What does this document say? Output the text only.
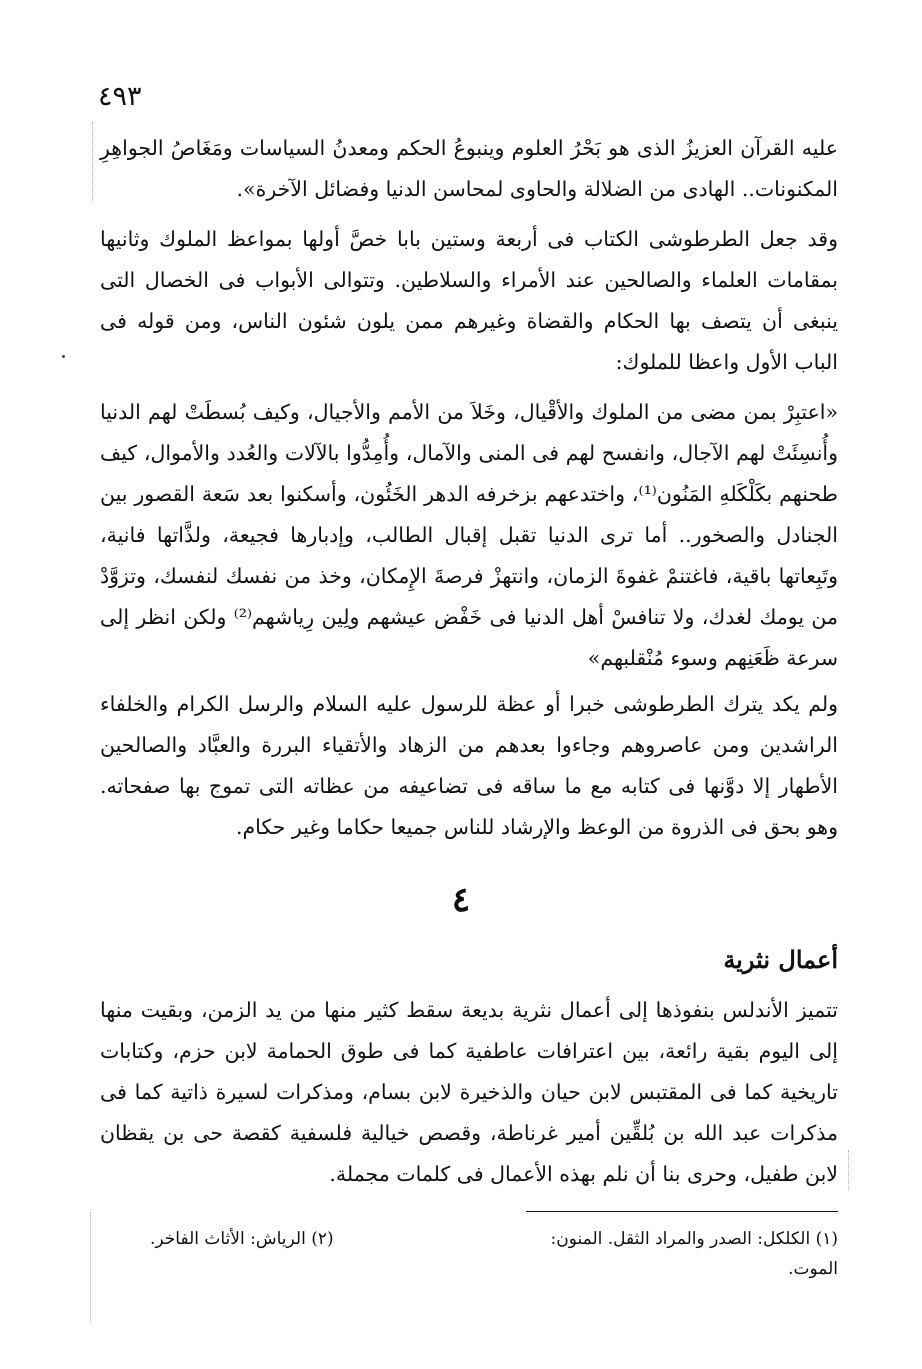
٤٩٣

عليه القرآن العزيزُ الذى هو بَحْرُ العلوم وينبوعُ الحكم ومعدنُ السياسات ومَغَاصُ الجواهِرِ المكنونات.. الهادى من الضلالة والحاوى لمحاسن الدنيا وفضائل الآخرة».

وقد جعل الطرطوشى الكتاب فى أربعة وستين بابا خصَّ أولها بمواعظ الملوك وثانيها بمقامات العلماء والصالحين عند الأمراء والسلاطين. وتتوالى الأبواب فى الخصال التى ينبغى أن يتصف بها الحكام والقضاة وغيرهم ممن يلون شئون الناس، ومن قوله فى الباب الأول واعظا للملوك:

«اعتبِرْ بمن مضى من الملوك والأقْيال، وخَلاَ من الأمم والأجيال، وكيف بُسطَتْ لهم الدنيا وأُنسِئَتْ لهم الآجال، وانفسح لهم فى المنى والآمال، وأُمِدُّوا بالآلات والعُدد والأموال، كيف طحنهم بكَلْكَلهِ المَنُون⁽¹⁾، واختدعهم بزخرفه الدهر الخَئُون، وأسكنوا بعد سَعة القصور بين الجنادل والصخور.. أما ترى الدنيا تقبل إقبال الطالب، وإدبارها فجيعة، ولذَّاتها فانية، وتَبِعاتها باقية، فاغتنمْ غفوةَ الزمان، وانتهزْ فرصةَ الإِمكان، وخذ من نفسك لنفسك، وتزوَّدْ من يومك لغدك، ولا تنافسْ أهل الدنيا فى خَفْض عيشهم ولِين رِياشهم⁽²⁾ ولكن انظر إلى سرعة ظَعَنِهم وسوء مُنْقلبهم»

ولم يكد يترك الطرطوشى خبرا أو عظة للرسول عليه السلام والرسل الكرام والخلفاء الراشدين ومن عاصروهم وجاءوا بعدهم من الزهاد والأتقياء البررة والعبَّاد والصالحين الأطهار إلا دوَّنها فى كتابه مع ما ساقه فى تضاعيفه من عظاته التى تموج بها صفحاته. وهو بحق فى الذروة من الوعظ والإرشاد للناس جميعا حكاما وغير حكام.

٤
أعمال نثرية

تتميز الأندلس بنفوذها إلى أعمال نثرية بديعة سقط كثير منها من يد الزمن، وبقيت منها إلى اليوم بقية رائعة، بين اعترافات عاطفية كما فى طوق الحمامة لابن حزم، وكتابات تاريخية كما فى المقتبس لابن حيان والذخيرة لابن بسام، ومذكرات لسيرة ذاتية كما فى مذكرات عبد الله بن بُلقِّين أمير غرناطة، وقصص خيالية فلسفية كقصة حى بن يقظان لابن طفيل، وحرى بنا أن نلم بهذه الأعمال فى كلمات مجملة.

(١) الكلكل: الصدر والمراد الثقل. المنون:
(٢) الرياش: الأثاث الفاخر.
الموت.
